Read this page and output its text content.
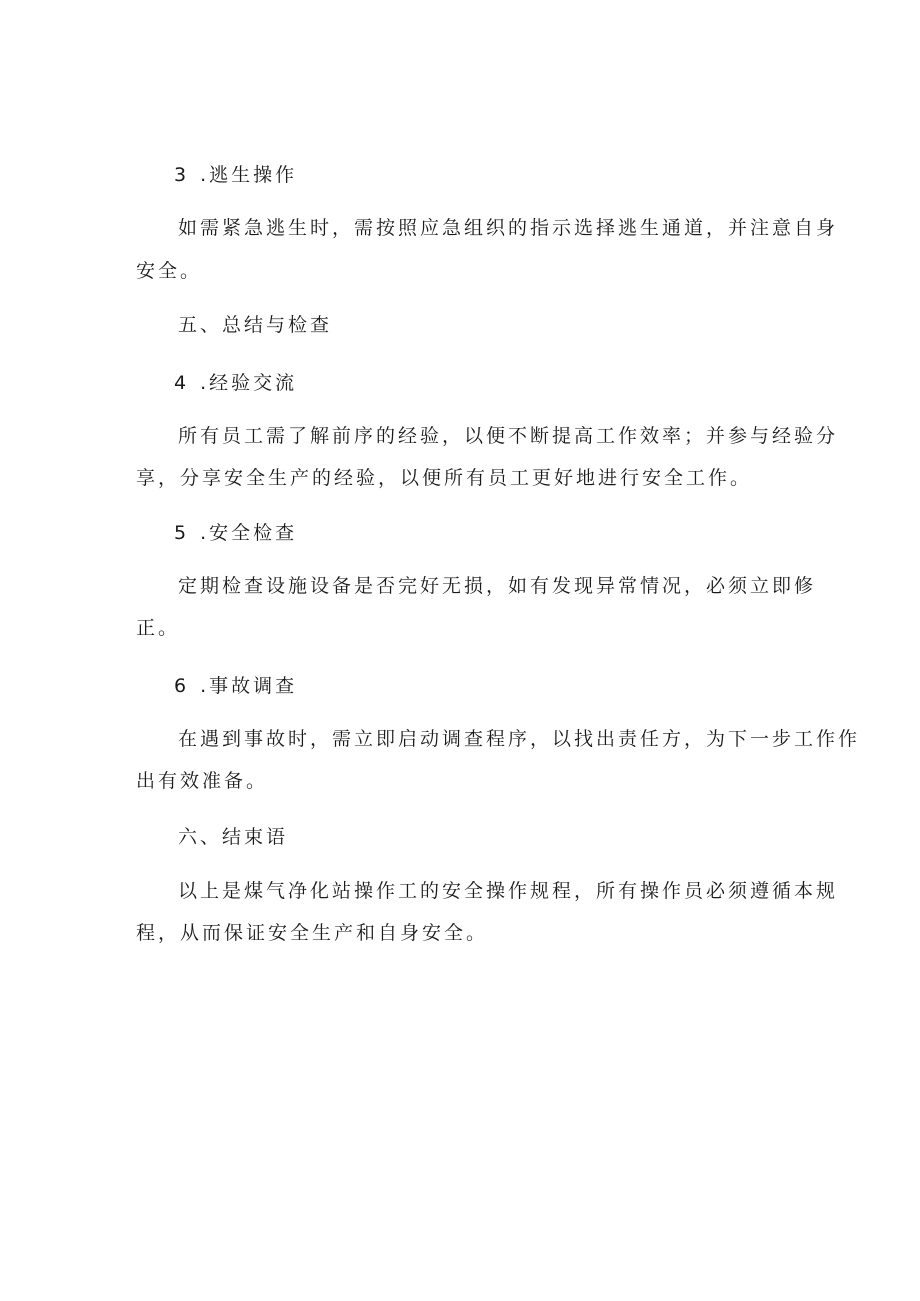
3 .逃生操作
如需紧急逃生时，需按照应急组织的指示选择逃生通道，并注意自身
安全。
五、总结与检查
4 .经验交流
所有员工需了解前序的经验，以便不断提高工作效率；并参与经验分
享，分享安全生产的经验，以便所有员工更好地进行安全工作。
5 .安全检查
定期检查设施设备是否完好无损，如有发现异常情况，必须立即修
正。
6 .事故调查
在遇到事故时，需立即启动调查程序，以找出责任方，为下一步工作作
出有效准备。
六、结束语
以上是煤气净化站操作工的安全操作规程，所有操作员必须遵循本规
程，从而保证安全生产和自身安全。
